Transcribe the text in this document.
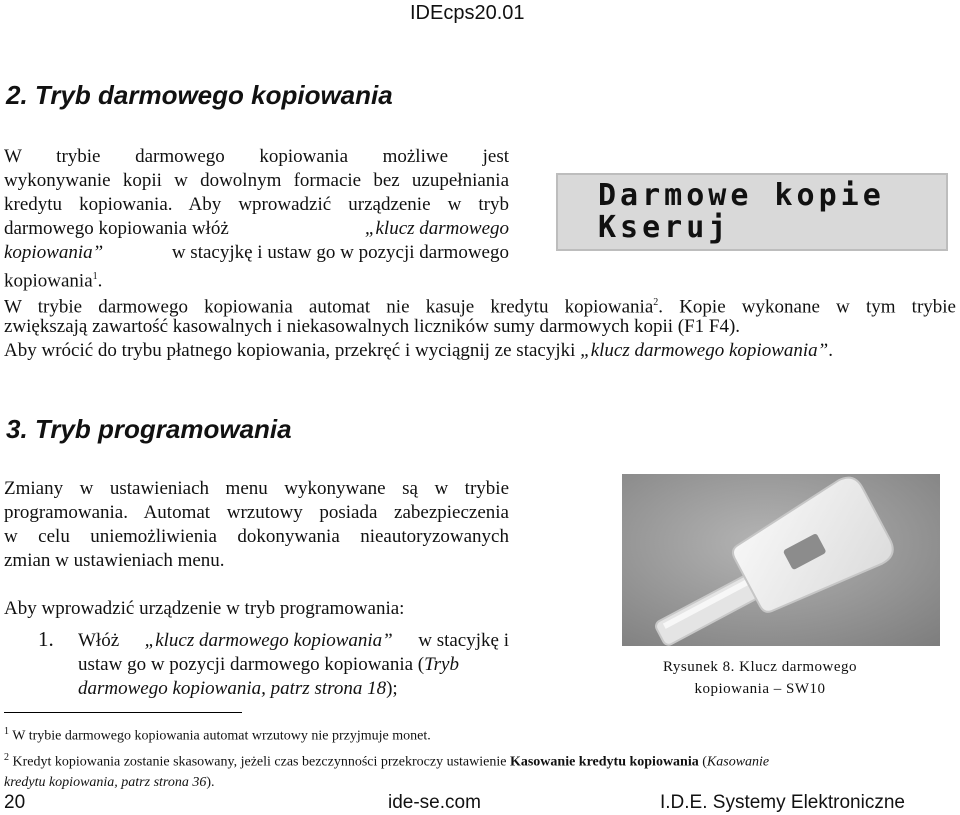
IDEcps20.01
2. Tryb darmowego kopiowania
W trybie darmowego kopiowania możliwe jest
wykonywanie kopii w dowolnym formacie bez uzupełniania
kredytu kopiowania. Aby wprowadzić urządzenie w tryb
darmowego kopiowania włóż	„klucz darmowego
kopiowania”	w stacyjkę i ustaw go w pozycji darmowego
kopiowania$^1$.
Darmowe kopie
Kseruj
W trybie darmowego kopiowania automat nie kasuje kredytu kopiowania$^2$. Kopie wykonane w tym trybie
zwiększają zawartość kasowalnych i niekasowalnych liczników sumy darmowych kopii (F1 F4).
Aby wrócić do trybu płatnego kopiowania, przekręć i wyciągnij ze stacyjki „klucz darmowego kopiowania”.
3. Tryb programowania
Zmiany w ustawieniach menu wykonywane są w trybie
programowania. Automat wrzutowy posiada zabezpieczenia
w celu uniemożliwienia dokonywania nieautoryzowanych
zmian w ustawieniach menu.
Aby wprowadzić urządzenie w tryb programowania:
1. Włóż „klucz darmowego kopiowania” w stacyjkę i
ustaw go w pozycji darmowego kopiowania (Tryb
darmowego kopiowania, patrz strona 18);
Rysunek 8. Klucz darmowego
kopiowania – SW10
$^1$ W trybie darmowego kopiowania automat wrzutowy nie przyjmuje monet.
$^2$ Kredyt kopiowania zostanie skasowany, jeżeli czas bezczynności przekroczy ustawienie Kasowanie kredytu kopiowania (Kasowanie
kredytu kopiowania, patrz strona 36).
20	ide-se.com	I.D.E. Systemy Elektroniczne
